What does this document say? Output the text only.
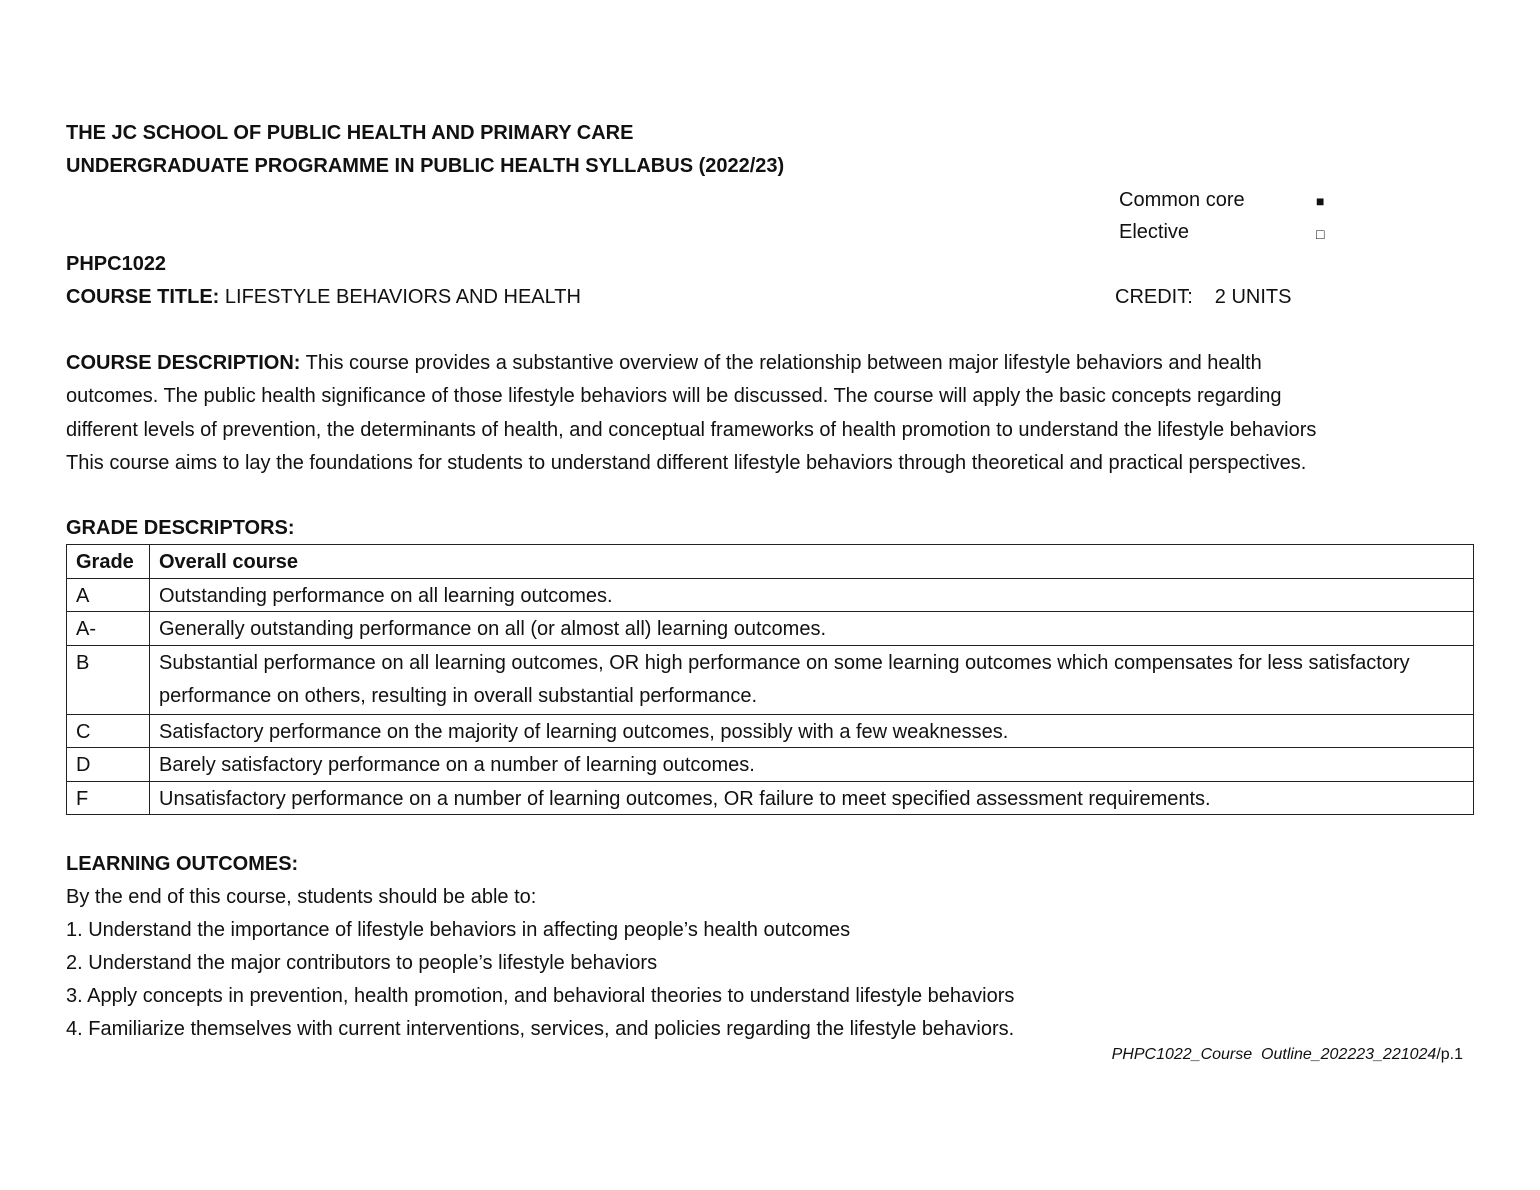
THE JC SCHOOL OF PUBLIC HEALTH AND PRIMARY CARE
UNDERGRADUATE PROGRAMME IN PUBLIC HEALTH SYLLABUS (2022/23)
Common core	■
Elective	□
PHPC1022
COURSE TITLE: LIFESTYLE BEHAVIORS AND HEALTH	CREDIT: 2 UNITS

COURSE DESCRIPTION: This course provides a substantive overview of the relationship between major lifestyle behaviors and health

outcomes. The public health significance of those lifestyle behaviors will be discussed. The course will apply the basic concepts regarding

different levels of prevention, the determinants of health, and conceptual frameworks of health promotion to understand the lifestyle behaviors

This course aims to lay the foundations for students to understand different lifestyle behaviors through theoretical and practical perspectives.

GRADE DESCRIPTORS:
Grade	Overall course
A	Outstanding performance on all learning outcomes.
A-	Generally outstanding performance on all (or almost all) learning outcomes.
B	Substantial performance on all learning outcomes, OR high performance on some learning outcomes which compensates for less satisfactory performance on others, resulting in overall substantial performance.
C	Satisfactory performance on the majority of learning outcomes, possibly with a few weaknesses.
D	Barely satisfactory performance on a number of learning outcomes.
F	Unsatisfactory performance on a number of learning outcomes, OR failure to meet specified assessment requirements.
LEARNING OUTCOMES:
By the end of this course, students should be able to:
1. Understand the importance of lifestyle behaviors in affecting people’s health outcomes
2. Understand the major contributors to people’s lifestyle behaviors
3. Apply concepts in prevention, health promotion, and behavioral theories to understand lifestyle behaviors
4. Familiarize themselves with current interventions, services, and policies regarding the lifestyle behaviors.
PHPC1022_Course  Outline_202223_221024/p.1
